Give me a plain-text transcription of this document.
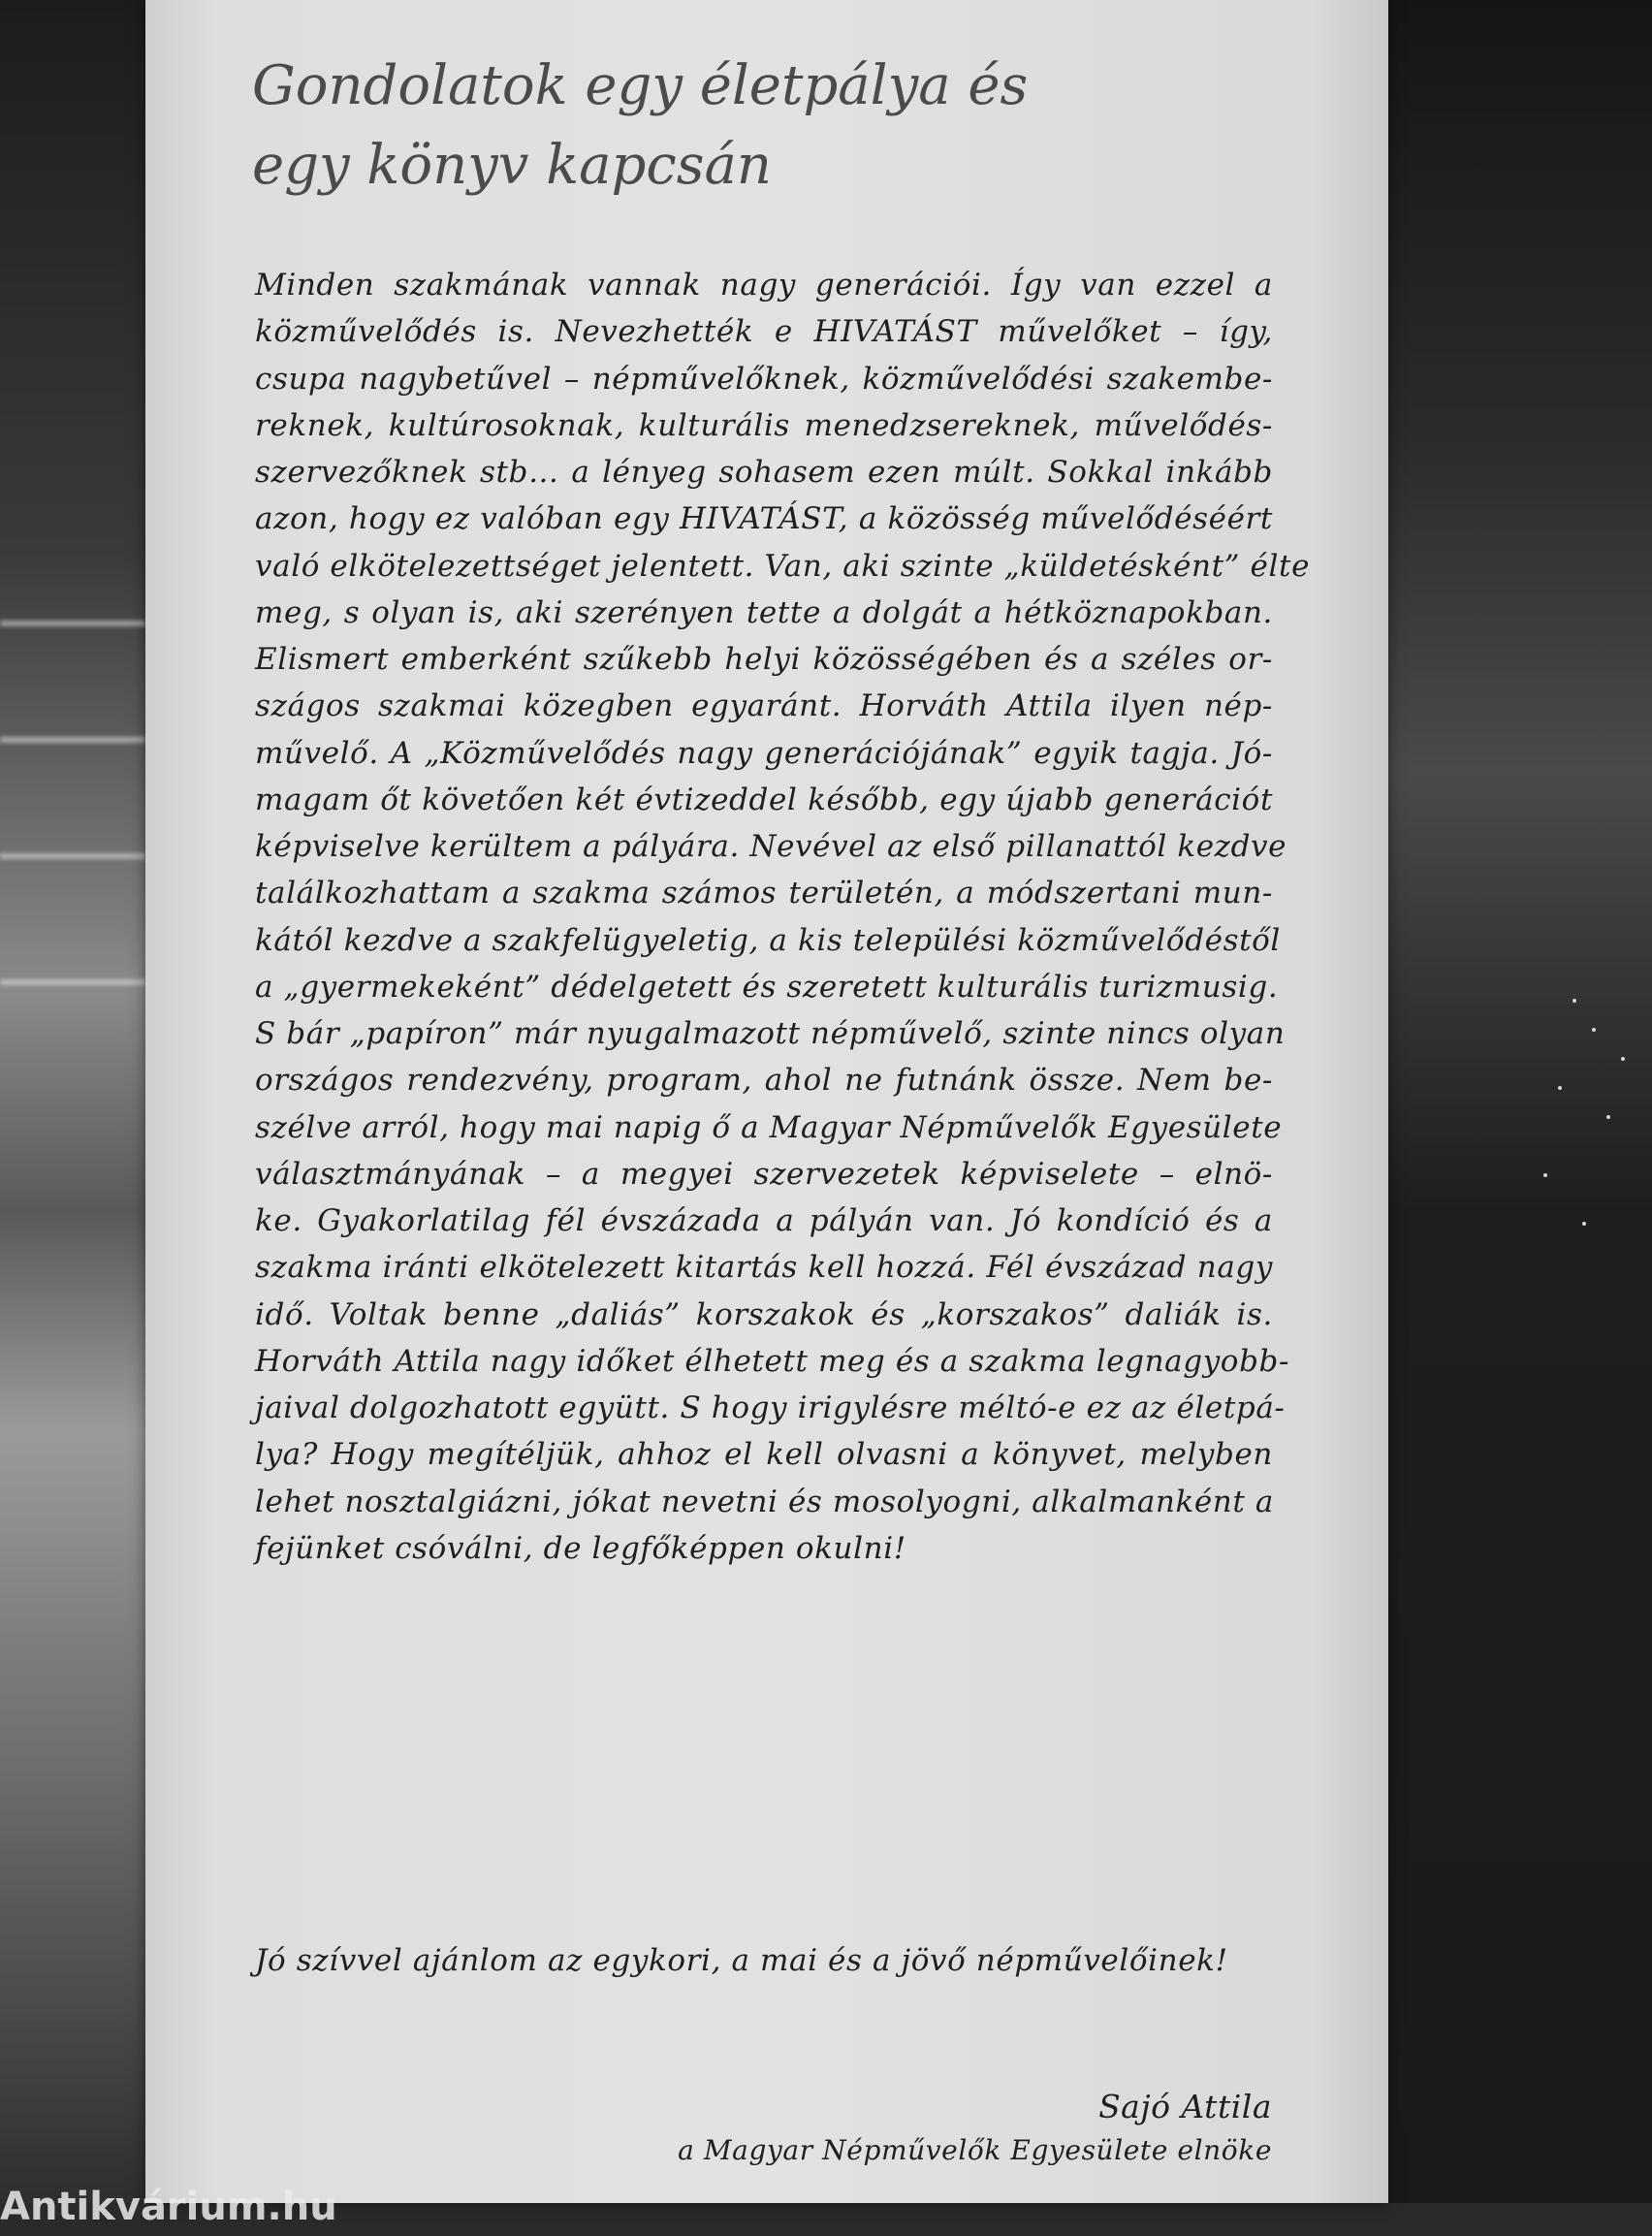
Gondolatok egy életpálya és
egy könyv kapcsán
Minden szakmának vannak nagy generációi. Így van ezzel a
közművelődés is. Nevezhették e HIVATÁST művelőket – így,
csupa nagybetűvel – népművelőknek, közművelődési szakembe-
reknek, kultúrosoknak, kulturális menedzsereknek, művelődés-
szervezőknek stb… a lényeg sohasem ezen múlt. Sokkal inkább
azon, hogy ez valóban egy HIVATÁST, a közösség művelődéséért
való elkötelezettséget jelentett. Van, aki szinte „küldetésként” élte
meg, s olyan is, aki szerényen tette a dolgát a hétköznapokban.
Elismert emberként szűkebb helyi közösségében és a széles or-
szágos szakmai közegben egyaránt. Horváth Attila ilyen nép-
művelő. A „Közművelődés nagy generációjának” egyik tagja. Jó-
magam őt követően két évtizeddel később, egy újabb generációt
képviselve kerültem a pályára. Nevével az első pillanattól kezdve
találkozhattam a szakma számos területén, a módszertani mun-
kától kezdve a szakfelügyeletig, a kis települési közművelődéstől
a „gyermekeként” dédelgetett és szeretett kulturális turizmusig.
S bár „papíron” már nyugalmazott népművelő, szinte nincs olyan
országos rendezvény, program, ahol ne futnánk össze. Nem be-
szélve arról, hogy mai napig ő a Magyar Népművelők Egyesülete
választmányának – a megyei szervezetek képviselete – elnö-
ke. Gyakorlatilag fél évszázada a pályán van. Jó kondíció és a
szakma iránti elkötelezett kitartás kell hozzá. Fél évszázad nagy
idő. Voltak benne „daliás” korszakok és „korszakos” daliák is.
Horváth Attila nagy időket élhetett meg és a szakma legnagyobb-
jaival dolgozhatott együtt. S hogy irigylésre méltó-e ez az életpá-
lya? Hogy megítéljük, ahhoz el kell olvasni a könyvet, melyben
lehet nosztalgiázni, jókat nevetni és mosolyogni, alkalmanként a
fejünket csóválni, de legfőképpen okulni!
Jó szívvel ajánlom az egykori, a mai és a jövő népművelőinek!
Sajó Attila
a Magyar Népművelők Egyesülete elnöke
Antikvárium.hu
